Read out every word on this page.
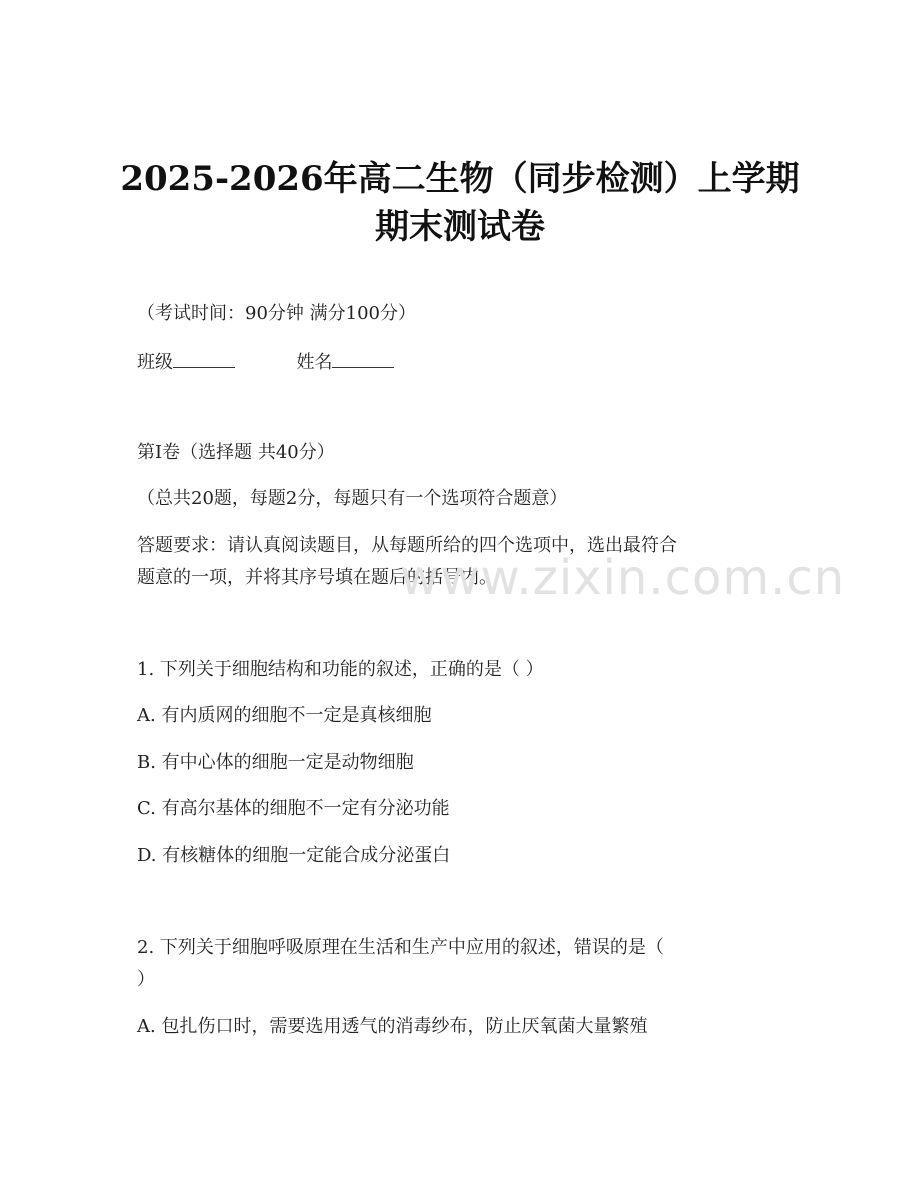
2025-2026年高二生物（同步检测）上学期
期末测试卷
（考试时间：90分钟 满分100分）
班级	姓名
第Ⅰ卷（选择题 共40分）
（总共20题，每题2分，每题只有一个选项符合题意）
答题要求：请认真阅读题目，从每题所给的四个选项中，选出最符合
题意的一项，并将其序号填在题后的括号内。
www.zixin.com.cn
1. 下列关于细胞结构和功能的叙述，正确的是（ ）
A. 有内质网的细胞不一定是真核细胞
B. 有中心体的细胞一定是动物细胞
C. 有高尔基体的细胞不一定有分泌功能
D. 有核糖体的细胞一定能合成分泌蛋白
2. 下列关于细胞呼吸原理在生活和生产中应用的叙述，错误的是（
）
A. 包扎伤口时，需要选用透气的消毒纱布，防止厌氧菌大量繁殖
